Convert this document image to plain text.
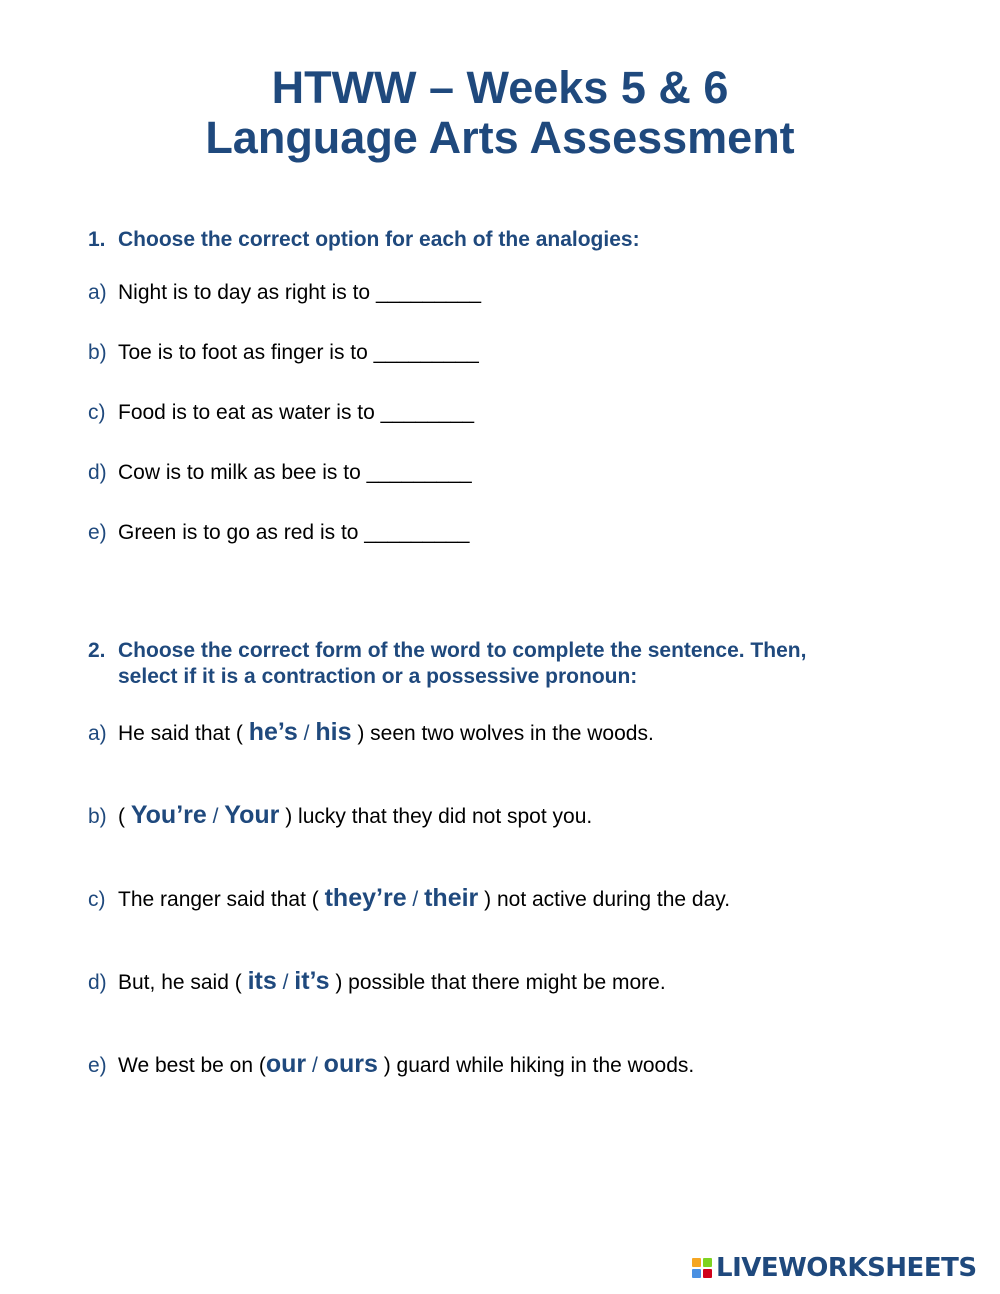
HTWW – Weeks 5 & 6
Language Arts Assessment
1. Choose the correct option for each of the analogies:

a) Night is to day as right is to _________

b) Toe is to foot as finger is to _________

c) Food is to eat as water is to ________

d) Cow is to milk as bee is to _________

e) Green is to go as red is to _________

2. Choose the correct form of the word to complete the sentence. Then,
select if it is a contraction or a possessive pronoun:

a) He said that ( he’s / his ) seen two wolves in the woods.

b) ( You’re / Your ) lucky that they did not spot you.

c) The ranger said that ( they’re / their ) not active during the day.

d) But, he said ( its / it’s ) possible that there might be more.

e) We best be on (our / ours ) guard while hiking in the woods.

LIVEWORKSHEETS
